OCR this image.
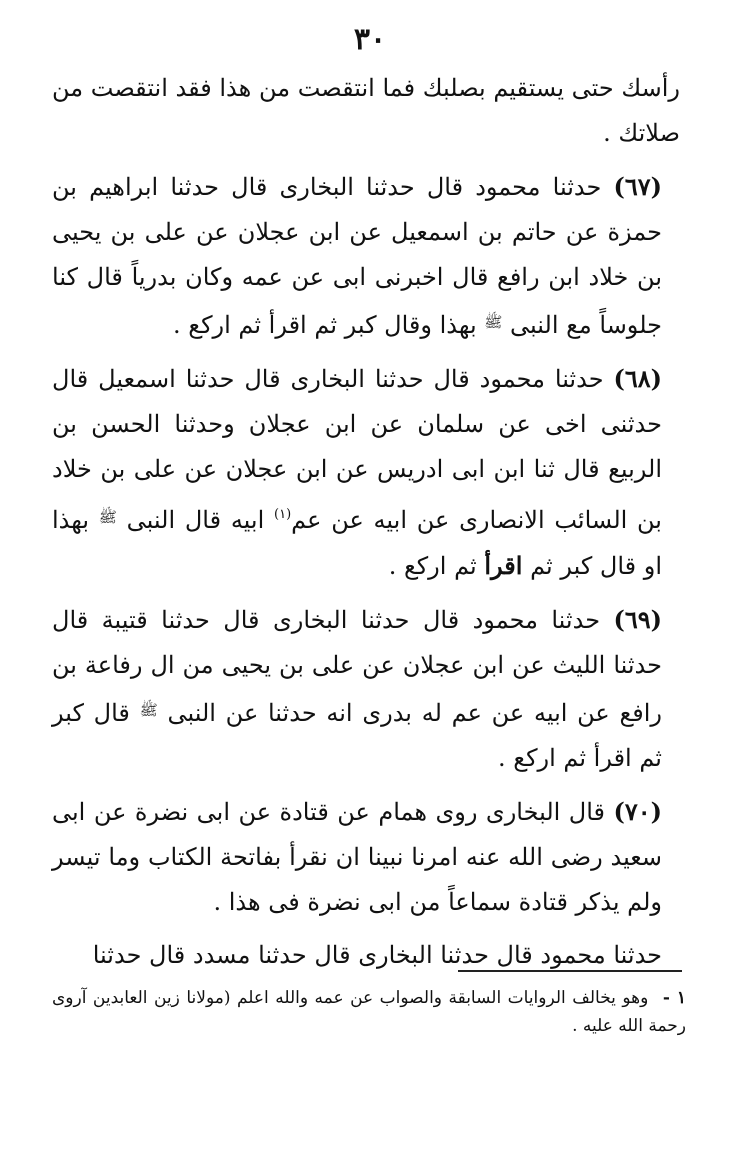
٣٠

رأسك حتى يستقيم بصلبك فما انتقصت من هذا فقد انتقصت من صلاتك .

(٦٧) حدثنا محمود قال حدثنا البخارى قال حدثنا ابراهيم بن حمزة عن حاتم بن اسمعيل عن ابن عجلان عن على بن يحيى بن خلاد ابن رافع قال اخبرنى ابى عن عمه وكان بدرياً قال كنا جلوساً مع النبى $^ﷺ$ بهذا وقال كبر ثم اقرأ ثم اركع .

(٦٨) حدثنا محمود قال حدثنا البخارى قال حدثنا اسمعيل قال حدثنى اخى عن سلمان عن ابن عجلان وحدثنا الحسن بن الربيع قال ثنا ابن ابى ادريس عن ابن عجلان عن على بن خلاد بن السائب الانصارى عن ابيه عن عم$^{(١)}$ ابيه قال النبى $^ﷺ$ بهذا او قال كبر ثم اقرأ ثم اركع .

(٦٩) حدثنا محمود قال حدثنا البخارى قال حدثنا قتيبة قال حدثنا الليث عن ابن عجلان عن على بن يحيى من ال رفاعة بن رافع عن ابيه عن عم له بدرى انه حدثنا عن النبى $^ﷺ$ قال كبر ثم اقرأ ثم اركع .

(٧٠) قال البخارى روى همام عن قتادة عن ابى نضرة عن ابى سعيد رضى الله عنه امرنا نبينا ان نقرأ بفاتحة الكتاب وما تيسر ولم يذكر قتادة سماعاً من ابى نضرة فى هذا .

حدثنا محمود قال حدثنا البخارى قال حدثنا مسدد قال حدثنا

١ - وهو يخالف الروايات السابقة والصواب عن عمه والله اعلم (مولانا زين العابدين آروى رحمة الله عليه .
